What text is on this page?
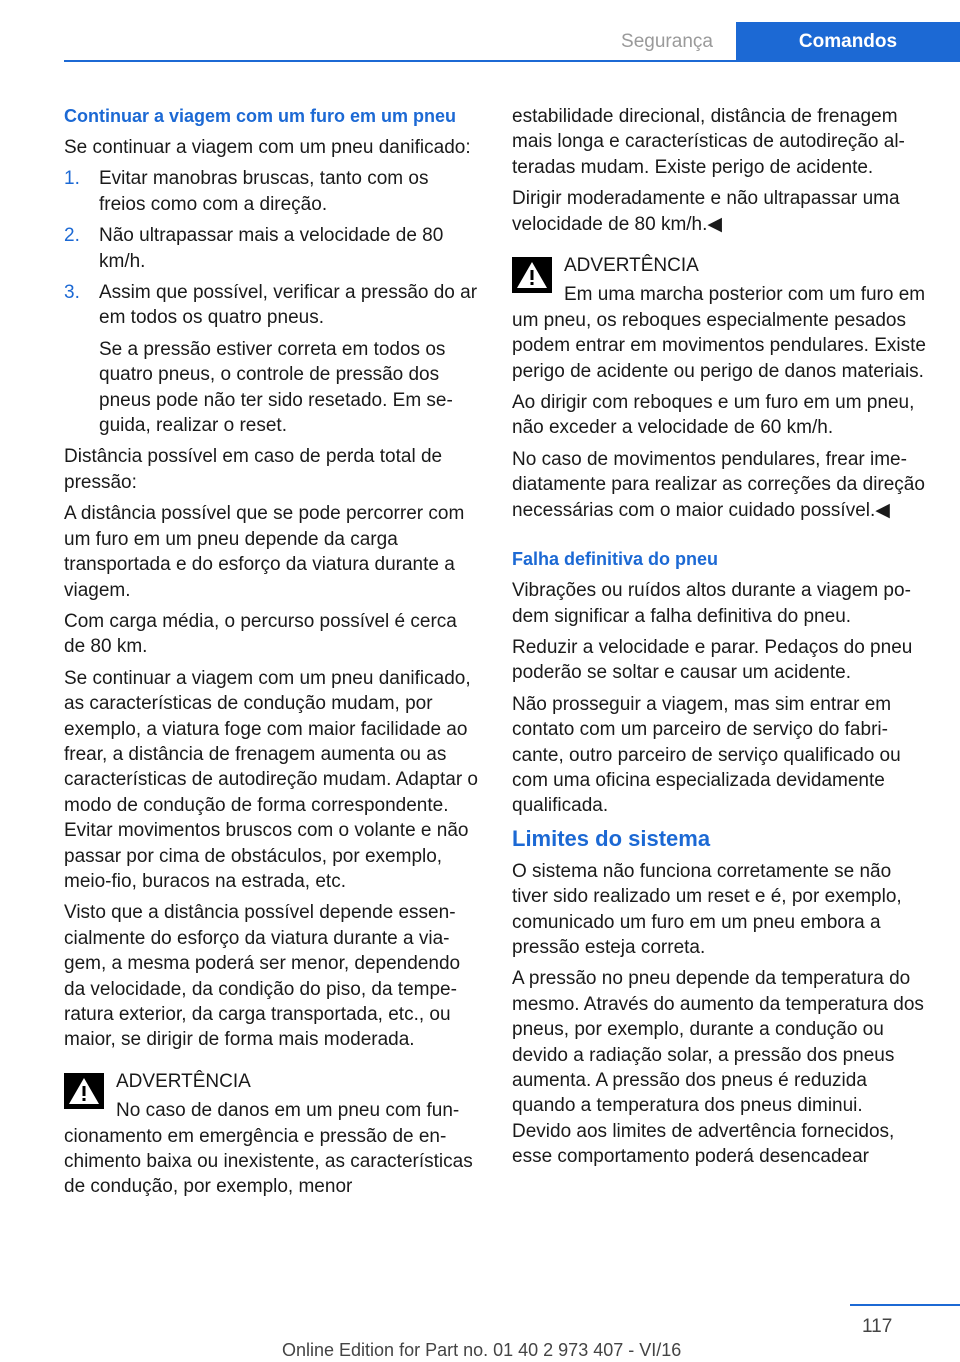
Segurança	Comandos

Continuar a viagem com um furo em um pneu

Se continuar a viagem com um pneu danificado:

1. Evitar manobras bruscas, tanto com os freios como com a direção.
2. Não ultrapassar mais a velocidade de 80 km/h.
3. Assim que possível, verificar a pressão do ar em todos os quatro pneus.
Se a pressão estiver correta em todos os quatro pneus, o controle de pressão dos pneus pode não ter sido resetado. Em seguida, realizar o reset.

Distância possível em caso de perda total de pressão:

A distância possível que se pode percorrer com um furo em um pneu depende da carga transportada e do esforço da viatura durante a viagem.

Com carga média, o percurso possível é cerca de 80 km.

Se continuar a viagem com um pneu danificado, as características de condução mudam, por exemplo, a viatura foge com maior facilidade ao frear, a distância de frenagem aumenta ou as características de autodireção mudam. Adaptar o modo de condução de forma correspondente. Evitar movimentos bruscos com o volante e não passar por cima de obstáculos, por exemplo, meio-fio, buracos na estrada, etc.

Visto que a distância possível depende essencialmente do esforço da viatura durante a viagem, a mesma poderá ser menor, dependendo da velocidade, da condição do piso, da temperatura exterior, da carga transportada, etc., ou maior, se dirigir de forma mais moderada.

ADVERTÊNCIA

No caso de danos em um pneu com funcionamento em emergência e pressão de enchimento baixa ou inexistente, as características de condução, por exemplo, menor

estabilidade direcional, distância de frenagem mais longa e características de autodireção alteradas mudam. Existe perigo de acidente.

Dirigir moderadamente e não ultrapassar uma velocidade de 80 km/h.◀

ADVERTÊNCIA

Em uma marcha posterior com um furo em um pneu, os reboques especialmente pesados podem entrar em movimentos pendulares. Existe perigo de acidente ou perigo de danos materiais.

Ao dirigir com reboques e um furo em um pneu, não exceder a velocidade de 60 km/h.

No caso de movimentos pendulares, frear imediatamente para realizar as correções da direção necessárias com o maior cuidado possível.◀

Falha definitiva do pneu

Vibrações ou ruídos altos durante a viagem podem significar a falha definitiva do pneu.

Reduzir a velocidade e parar. Pedaços do pneu poderão se soltar e causar um acidente.

Não prosseguir a viagem, mas sim entrar em contato com um parceiro de serviço do fabricante, outro parceiro de serviço qualificado ou com uma oficina especializada devidamente qualificada.

Limites do sistema

O sistema não funciona corretamente se não tiver sido realizado um reset e é, por exemplo, comunicado um furo em um pneu embora a pressão esteja correta.

A pressão no pneu depende da temperatura do mesmo. Através do aumento da temperatura dos pneus, por exemplo, durante a condução ou devido a radiação solar, a pressão dos pneus aumenta. A pressão dos pneus é reduzida quando a temperatura dos pneus diminui. Devido aos limites de advertência fornecidos, esse comportamento poderá desencadear

117
Online Edition for Part no. 01 40 2 973 407 - VI/16
